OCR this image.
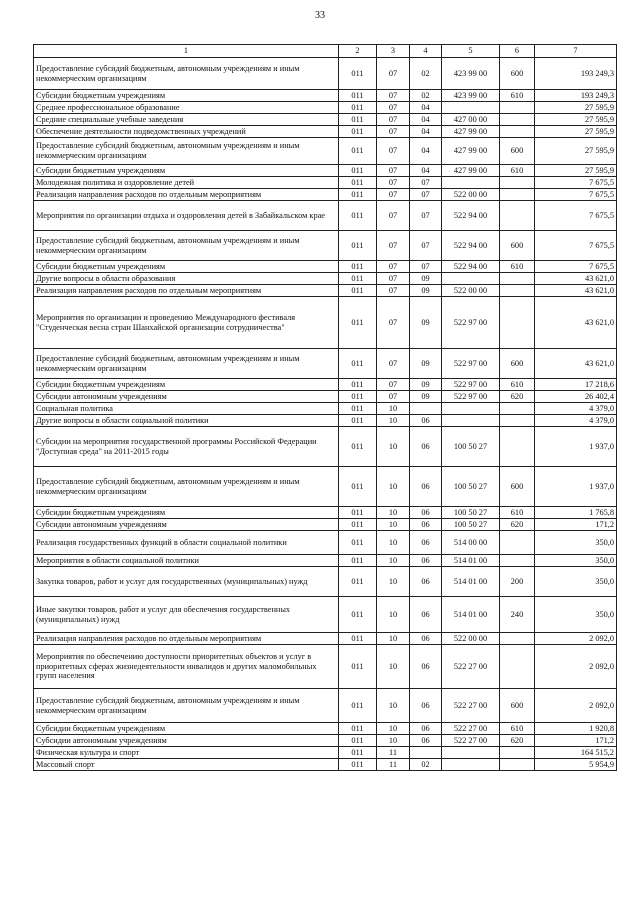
33
1	2	3	4	5	6	7
Предоставление субсидий бюджетным, автономным учреждениям и иным некоммерческим организациям	011	07	02	423 99 00	600	193 249,3
Субсидии бюджетным учреждениям	011	07	02	423 99 00	610	193 249,3
Среднее профессиональное образование	011	07	04			27 595,9
Средние специальные учебные заведения	011	07	04	427 00 00		27 595,9
Обеспечение деятельности подведомственных учреждений	011	07	04	427 99 00		27 595,9
Предоставление субсидий бюджетным, автономным учреждениям и иным некоммерческим организациям	011	07	04	427 99 00	600	27 595,9
Субсидии бюджетным учреждениям	011	07	04	427 99 00	610	27 595,9
Молодежная политика и оздоровление детей	011	07	07			7 675,5
Реализация направления расходов по отдельным мероприятиям	011	07	07	522 00 00		7 675,5
Мероприятия по организации отдыха и оздоровления детей в Забайкальском крае	011	07	07	522 94 00		7 675,5
Предоставление субсидий бюджетным, автономным учреждениям и иным некоммерческим организациям	011	07	07	522 94 00	600	7 675,5
Субсидии бюджетным учреждениям	011	07	07	522 94 00	610	7 675,5
Другие вопросы в области образования	011	07	09			43 621,0
Реализация направления расходов по отдельным мероприятиям	011	07	09	522 00 00		43 621,0
Мероприятия по организации и проведению Международного фестиваля "Студенческая весна стран Шанхайской организации сотрудничества"	011	07	09	522 97 00		43 621,0
Предоставление субсидий бюджетным, автономным учреждениям и иным некоммерческим организациям	011	07	09	522 97 00	600	43 621,0
Субсидии бюджетным учреждениям	011	07	09	522 97 00	610	17 218,6
Субсидии автономным учреждениям	011	07	09	522 97 00	620	26 402,4
Социальная политика	011	10				4 379,0
Другие вопросы в области социальной политики	011	10	06			4 379,0
Субсидии на мероприятия государственной программы Российской Федерации "Доступная среда" на 2011-2015 годы	011	10	06	100 50 27		1 937,0
Предоставление субсидий бюджетным, автономным учреждениям и иным некоммерческим организациям	011	10	06	100 50 27	600	1 937,0
Субсидии бюджетным учреждениям	011	10	06	100 50 27	610	1 765,8
Субсидии автономным учреждениям	011	10	06	100 50 27	620	171,2
Реализация государственных функций в области социальной политики	011	10	06	514 00 00		350,0
Мероприятия в области социальной политики	011	10	06	514 01 00		350,0
Закупка товаров, работ и услуг для государственных (муниципальных) нужд	011	10	06	514 01 00	200	350,0
Иные закупки товаров, работ и услуг для обеспечения государственных (муниципальных) нужд	011	10	06	514 01 00	240	350,0
Реализация направления расходов по отдельным мероприятиям	011	10	06	522 00 00		2 092,0
Мероприятия по обеспечению доступности приоритетных объектов и услуг в приоритетных сферах жизнедеятельности инвалидов и других маломобильных групп населения	011	10	06	522 27 00		2 092,0
Предоставление субсидий бюджетным, автономным учреждениям и иным некоммерческим организациям	011	10	06	522 27 00	600	2 092,0
Субсидии бюджетным учреждениям	011	10	06	522 27 00	610	1 920,8
Субсидии автономным учреждениям	011	10	06	522 27 00	620	171,2
Физическая культура и спорт	011	11				164 515,2
Массовый спорт	011	11	02			5 954,9
